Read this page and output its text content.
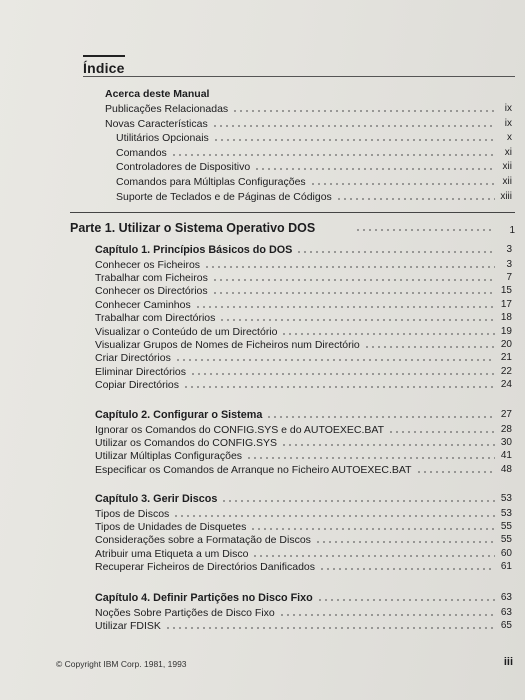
Índice
Acerca deste Manual
Publicações Relacionadas	ix
Novas Características	ix
Utilitários Opcionais	x
Comandos	xi
Controladores de Dispositivo	xii
Comandos para Múltiplas Configurações	xii
Suporte de Teclados e de Páginas de Códigos	xiii
Parte 1. Utilizar o Sistema Operativo DOS	1
Capítulo 1. Princípios Básicos do DOS	3
Conhecer os Ficheiros	3
Trabalhar com Ficheiros	7
Conhecer os Directórios	15
Conhecer Caminhos	17
Trabalhar com Directórios	18
Visualizar o Conteúdo de um Directório	19
Visualizar Grupos de Nomes de Ficheiros num Directório	20
Criar Directórios	21
Eliminar Directórios	22
Copiar Directórios	24
Capítulo 2. Configurar o Sistema	27
Ignorar os Comandos do CONFIG.SYS e do AUTOEXEC.BAT	28
Utilizar os Comandos do CONFIG.SYS	30
Utilizar Múltiplas Configurações	41
Especificar os Comandos de Arranque no Ficheiro AUTOEXEC.BAT	48
Capítulo 3. Gerir Discos	53
Tipos de Discos	53
Tipos de Unidades de Disquetes	55
Considerações sobre a Formatação de Discos	55
Atribuir uma Etiqueta a um Disco	60
Recuperar Ficheiros de Directórios Danificados	61
Capítulo 4. Definir Partições no Disco Fixo	63
Noções Sobre Partições de Disco Fixo	63
Utilizar FDISK	65
© Copyright IBM Corp. 1981, 1993	iii
